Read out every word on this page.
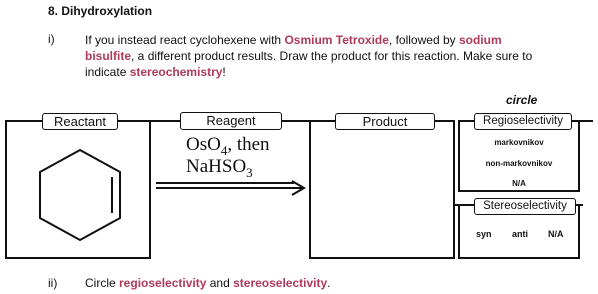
8. Dihydroxylation
i)	If you instead react cyclohexene with Osmium Tetroxide, followed by sodium
bisulfite, a different product results. Draw the product for this reaction. Make sure to indicate stereochemistry!
Reactant	Reagent
OsO$_4$, then
NaHSO$_3$
Product
circle
Regioselectivity
markovnikov
non-markovnikov
N/A
Stereoselectivity
syn anti N/A
ii) Circle regioselectivity and stereoselectivity.
